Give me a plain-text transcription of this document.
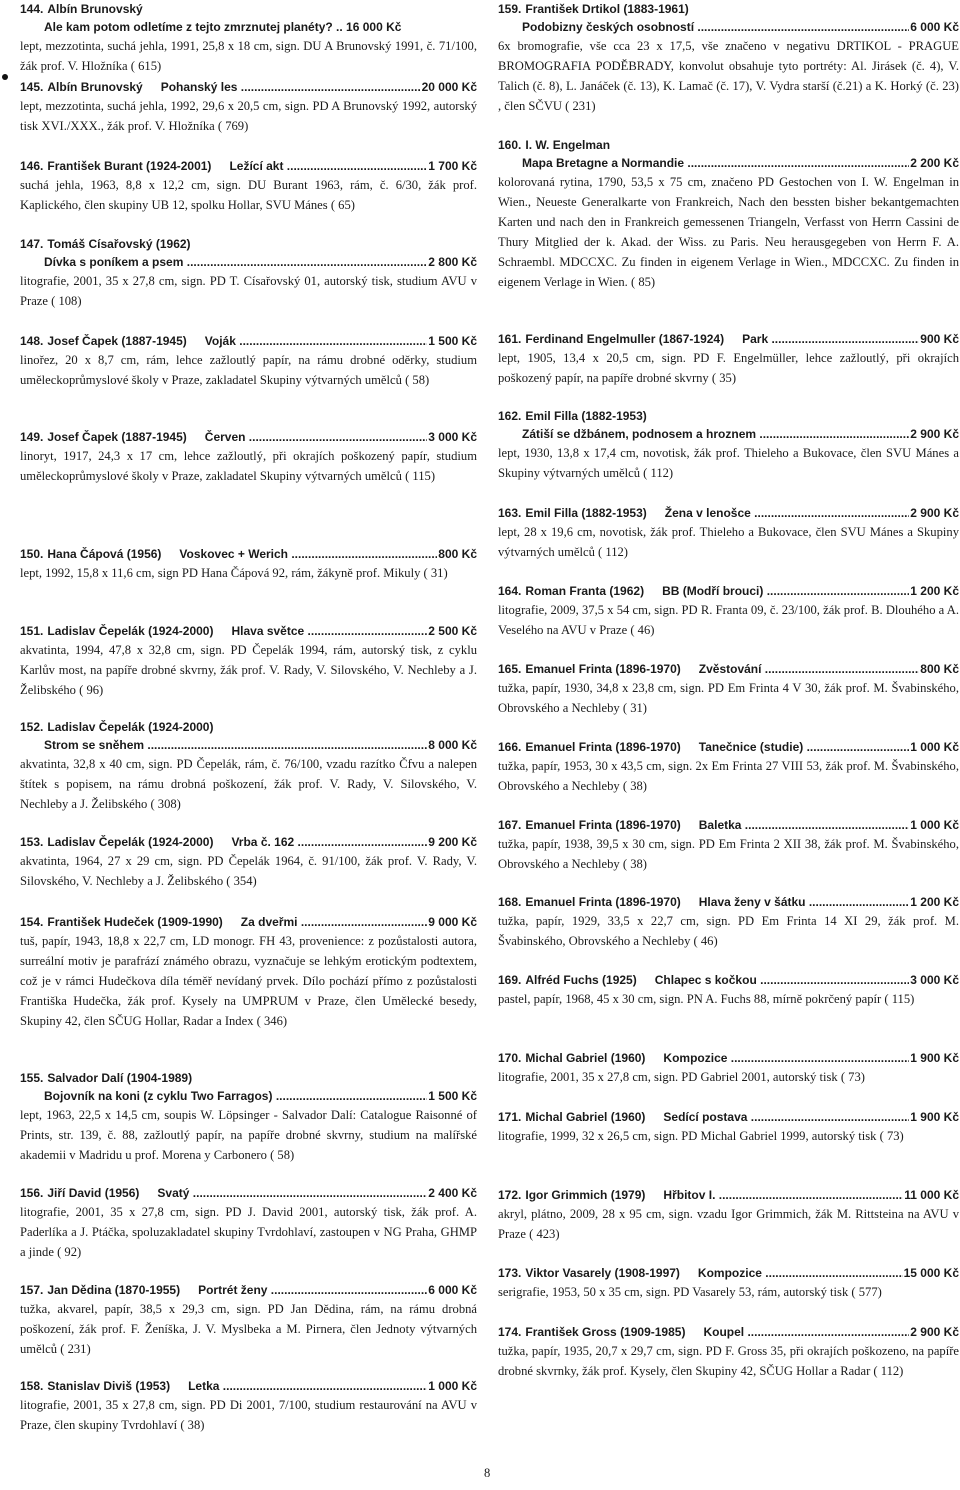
144. Albín Brunovský
Ale kam potom odletíme z tejto zmrznutej planéty? .. 16 000 Kč
lept, mezzotinta, suchá jehla, 1991, 25,8 x 18 cm, sign. DU A Brunovský 1991, č. 71/100, žák prof. V. Hložníka ( 615)
145. Albín Brunovský Pohanský les .....	20 000 Kč
lept, mezzotinta, suchá jehla, 1992, 29,6 x 20,5 cm, sign. PD A Brunovský 1992, autorský tisk XVI./XXX., žák prof. V. Hložníka ( 769)
146. František Burant (1924-2001) Ležící akt .....	1 700 Kč
suchá jehla, 1963, 8,8 x 12,2 cm, sign. DU Burant 1963, rám, č. 6/30, žák prof. Kaplického, člen skupiny UB 12, spolku Hollar, SVU Mánes ( 65)
147. Tomáš Císařovský (1962)
Dívka s poníkem a psem .....	2 800 Kč
litografie, 2001, 35 x 27,8 cm, sign. PD T. Císařovský 01, autorský tisk, studium AVU v Praze ( 108)
148. Josef Čapek (1887-1945) Voják .....	1 500 Kč
linořez, 20 x 8,7 cm, rám, lehce zažloutlý papír, na rámu drobné oděrky, studium uměleckoprůmyslové školy v Praze, zakladatel Skupiny výtvarných umělců ( 58)
149. Josef Čapek (1887-1945) Červen .....	3 000 Kč
linoryt, 1917, 24,3 x 17 cm, lehce zažloutlý, při okrajích poškozený papír, studium uměleckoprůmyslové školy v Praze, zakladatel Skupiny výtvarných umělců ( 115)
150. Hana Čápová (1956) Voskovec + Werich .....	800 Kč
lept, 1992, 15,8 x 11,6 cm, sign PD Hana Čápová 92, rám, žákyně prof. Mikuly ( 31)
151. Ladislav Čepelák (1924-2000) Hlava světce .....	2 500 Kč
akvatinta, 1994, 47,8 x 32,8 cm, sign. PD Čepelák 1994, rám, autorský tisk, z cyklu Karlův most, na papíře drobné skvrny, žák prof. V. Rady, V. Silovského, V. Nechleby a J. Želibského ( 96)
152. Ladislav Čepelák (1924-2000)
Strom se sněhem .....	8 000 Kč
akvatinta, 32,8 x 40 cm, sign. PD Čepelák, rám, č. 76/100, vzadu razítko Čfvu a nalepen štítek s popisem, na rámu drobná poškození, žák prof. V. Rady, V. Silovského, V. Nechleby a J. Želibského ( 308)
153. Ladislav Čepelák (1924-2000) Vrba č. 162 .....	9 200 Kč
akvatinta, 1964, 27 x 29 cm, sign. PD Čepelák 1964, č. 91/100, žák prof. V. Rady, V. Silovského, V. Nechleby a J. Želibského ( 354)
154. František Hudeček (1909-1990) Za dveřmi .....	9 000 Kč
tuš, papír, 1943, 18,8 x 22,7 cm, LD monogr. FH 43, provenience: z pozůstalosti autora, surreální motiv je parafrází známého obrazu, vyznačuje se lehkým erotickým podtextem, což je v rámci Hudečkova díla téměř nevídaný prvek. Dílo pochází přímo z pozůstalosti Františka Hudečka, žák prof. Kysely na UMPRUM v Praze, člen Umělecké besedy, Skupiny 42, člen SČUG Hollar, Radar a Index ( 346)
155. Salvador Dalí (1904-1989)
Bojovník na koni (z cyklu Two Farragos) .....	1 500 Kč
lept, 1963, 22,5 x 14,5 cm, soupis W. Löpsinger - Salvador Dalí: Catalogue Raisonné of Prints, str. 139, č. 88, zažloutlý papír, na papíře drobné skvrny, studium na malířské akademii v Madridu u prof. Morena y Carbonero ( 58)
156. Jiří David (1956) Svatý .....	2 400 Kč
litografie, 2001, 35 x 27,8 cm, sign. PD J. David 2001, autorský tisk, žák prof. A. Paderlíka a J. Ptáčka, spoluzakladatel skupiny Tvrdohlaví, zastoupen v NG Praha, GHMP a jinde ( 92)
157. Jan Dědina (1870-1955) Portrét ženy .....	6 000 Kč
tužka, akvarel, papír, 38,5 x 29,3 cm, sign. PD Jan Dědina, rám, na rámu drobná poškození, žák prof. F. Ženíška, J. V. Myslbeka a M. Pirnera, člen Jednoty výtvarných umělců ( 231)
158. Stanislav Diviš (1953) Letka .....	1 000 Kč
litografie, 2001, 35 x 27,8 cm, sign. PD Di 2001, 7/100, studium restaurování na AVU v Praze, člen skupiny Tvrdohlaví ( 38)
159. František Drtikol (1883-1961)
Podobizny českých osobností .....	6 000 Kč
6x bromografie, vše cca 23 x 17,5, vše značeno v negativu DRTIKOL - PRAGUE BROMOGRAFIA PODĚBRADY, konvolut obsahuje tyto portréty: Al. Jirásek (č. 4), V. Talich (č. 8), L. Janáček (č. 13), K. Lamač (č. 17), V. Vydra starší (č.21) a K. Horký (č. 23) , člen SČVU ( 231)
160. I. W. Engelman
Mapa Bretagne a Normandie .....	2 200 Kč
kolorovaná rytina, 1790, 53,5 x 75 cm, značeno PD Gestochen von I. W. Engelman in Wien., Neueste Generalkarte von Frankreich, Nach den bessten bisher bekantgemachten Karten und nach den in Frankreich gemessenen Triangeln, Verfasst von Herrn Cassini de Thury Mitglied der k. Akad. der Wiss. zu Paris. Neu herausgegeben von Herrn F. A. Schraembl. MDCCXC. Zu finden in eigenem Verlage in Wien., MDCCXC. Zu finden in eigenem Verlage in Wien. ( 85)
161. Ferdinand Engelmuller (1867-1924) Park .....	900 Kč
lept, 1905, 13,4 x 20,5 cm, sign. PD F. Engelmüller, lehce zažloutlý, při okrajích poškozený papír, na papíře drobné skvrny ( 35)
162. Emil Filla (1882-1953)
Zátiší se džbánem, podnosem a hroznem .....	2 900 Kč
lept, 1930, 13,8 x 17,4 cm, novotisk, žák prof. Thieleho a Bukovace, člen SVU Mánes a Skupiny výtvarných umělců ( 112)
163. Emil Filla (1882-1953) Žena v lenošce .....	2 900 Kč
lept, 28 x 19,6 cm, novotisk, žák prof. Thieleho a Bukovace, člen SVU Mánes a Skupiny výtvarných umělců ( 112)
164. Roman Franta (1962) BB (Modří brouci) .....	1 200 Kč
litografie, 2009, 37,5 x 54 cm, sign. PD R. Franta 09, č. 23/100, žák prof. B. Dlouhého a A. Veselého na AVU v Praze ( 46)
165. Emanuel Frinta (1896-1970) Zvěstování .....	800 Kč
tužka, papír, 1930, 34,8 x 23,8 cm, sign. PD Em Frinta 4 V 30, žák prof. M. Švabinského, Obrovského a Nechleby ( 31)
166. Emanuel Frinta (1896-1970) Tanečnice (studie) .....	1 000 Kč
tužka, papír, 1953, 30 x 43,5 cm, sign. 2x Em Frinta 27 VIII 53, žák prof. M. Švabinského, Obrovského a Nechleby ( 38)
167. Emanuel Frinta (1896-1970) Baletka .....	1 000 Kč
tužka, papír, 1938, 39,5 x 30 cm, sign. PD Em Frinta 2 XII 38, žák prof. M. Švabinského, Obrovského a Nechleby ( 38)
168. Emanuel Frinta (1896-1970) Hlava ženy v šátku .....	1 200 Kč
tužka, papír, 1929, 33,5 x 22,7 cm, sign. PD Em Frinta 14 XI 29, žák prof. M. Švabinského, Obrovského a Nechleby ( 46)
169. Alfréd Fuchs (1925) Chlapec s kočkou .....	3 000 Kč
pastel, papír, 1968, 45 x 30 cm, sign. PN A. Fuchs 88, mírně pokrčený papír ( 115)
170. Michal Gabriel (1960) Kompozice .....	1 900 Kč
litografie, 2001, 35 x 27,8 cm, sign. PD Gabriel 2001, autorský tisk ( 73)
171. Michal Gabriel (1960) Sedící postava .....	1 900 Kč
litografie, 1999, 32 x 26,5 cm, sign. PD Michal Gabriel 1999, autorský tisk ( 73)
172. Igor Grimmich (1979) Hřbitov I. .....	11 000 Kč
akryl, plátno, 2009, 28 x 95 cm, sign. vzadu Igor Grimmich, žák M. Rittsteina na AVU v Praze ( 423)
173. Viktor Vasarely (1908-1997) Kompozice .....	15 000 Kč
serigrafie, 1953, 50 x 35 cm, sign. PD Vasarely 53, rám, autorský tisk ( 577)
174. František Gross (1909-1985) Koupel .....	2 900 Kč
tužka, papír, 1935, 20,7 x 29,7 cm, sign. PD F. Gross 35, při okrajích poškozeno, na papíře drobné skvrnky, žák prof. Kysely, člen Skupiny 42, SČUG Hollar a Radar ( 112)
8
